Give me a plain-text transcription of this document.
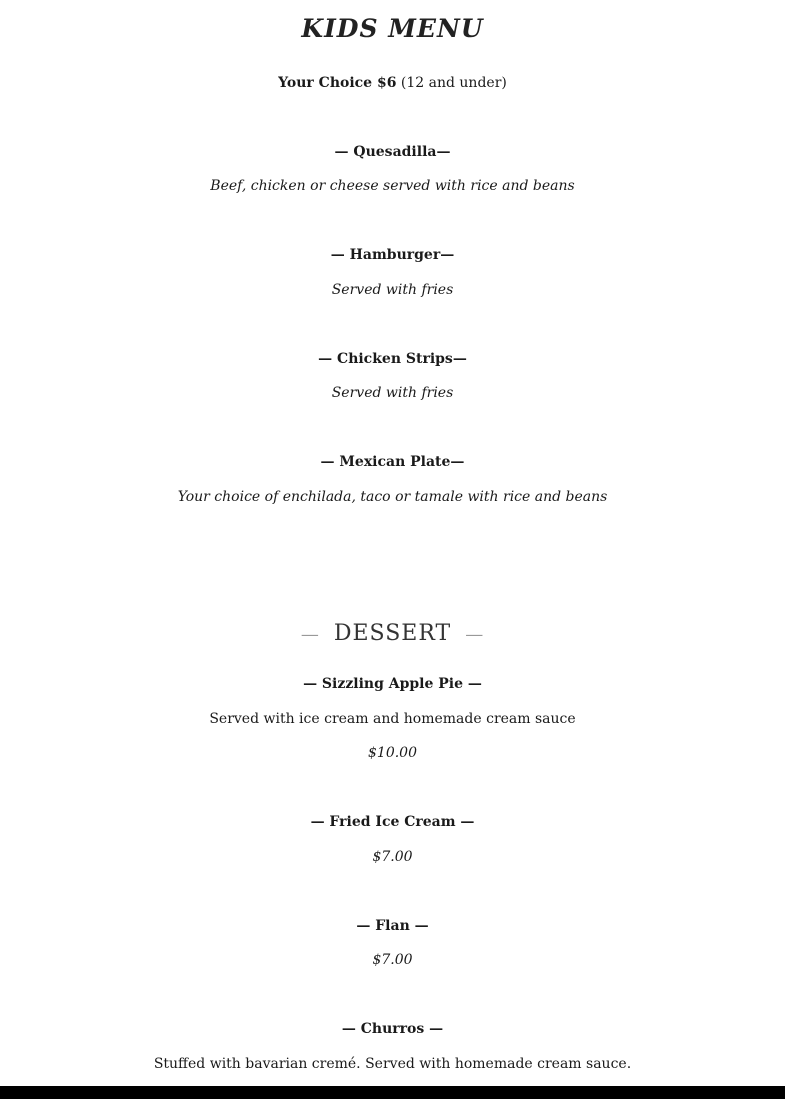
KIDS MENU
Your Choice $6 (12 and under)
— Quesadilla—
Beef, chicken or cheese served with rice and beans
— Hamburger—
Served with fries
— Chicken Strips—
Served with fries
— Mexican Plate—
Your choice of enchilada, taco or tamale with rice and beans
— DESSERT —
— Sizzling Apple Pie —
Served with ice cream and homemade cream sauce
$10.00
— Fried Ice Cream —
$7.00
— Flan —
$7.00
— Churros —
Stuffed with bavarian cremé. Served with homemade cream sauce.
